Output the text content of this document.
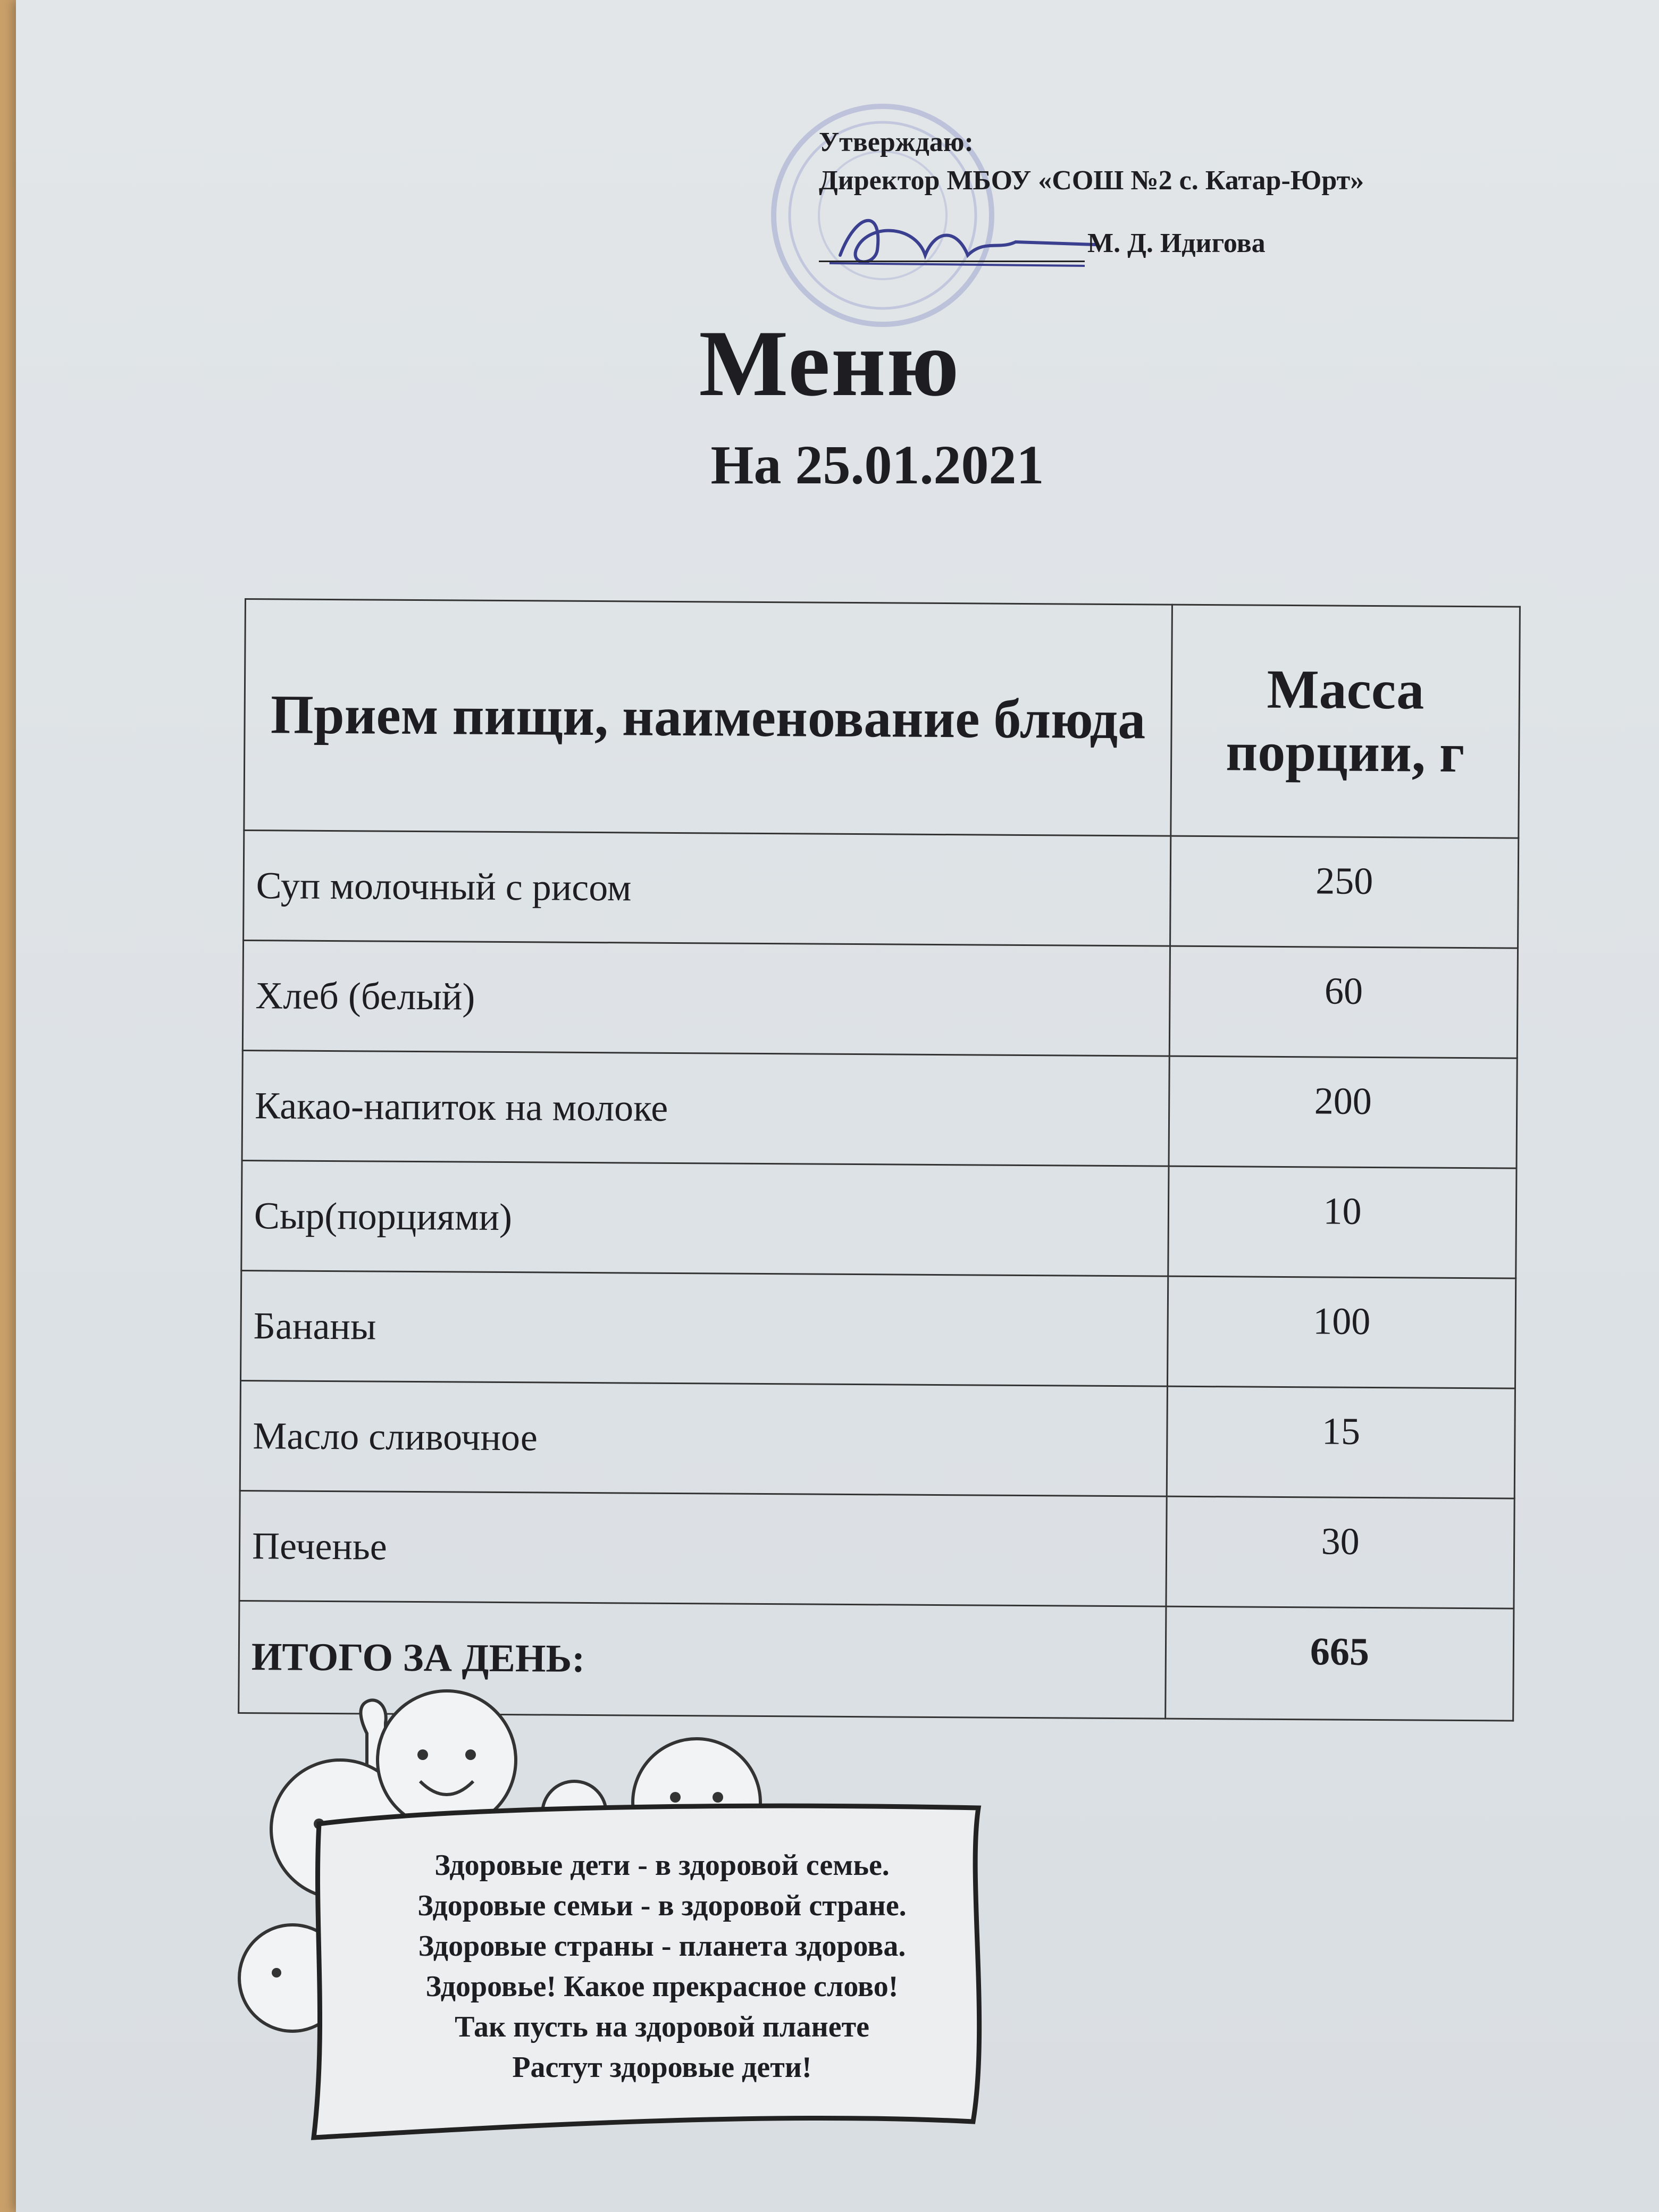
Утверждаю:
Директор МБОУ «СОШ №2 с. Катар-Юрт»
М. Д. Идигова
Меню
На 25.01.2021
Прием пищи, наименование блюда	Масса порции, г
Суп молочный с рисом	250
Хлеб (белый)	60
Какао-напиток на молоке	200
Сыр(порциями)	10
Бананы	100
Масло сливочное	15
Печенье	30
ИТОГО ЗА ДЕНЬ:	665
Здоровые дети - в здоровой семье.
Здоровые семьи - в здоровой стране.
Здоровые страны - планета здорова.
Здоровье! Какое прекрасное слово!
Так пусть на здоровой планете
Растут здоровые дети!
